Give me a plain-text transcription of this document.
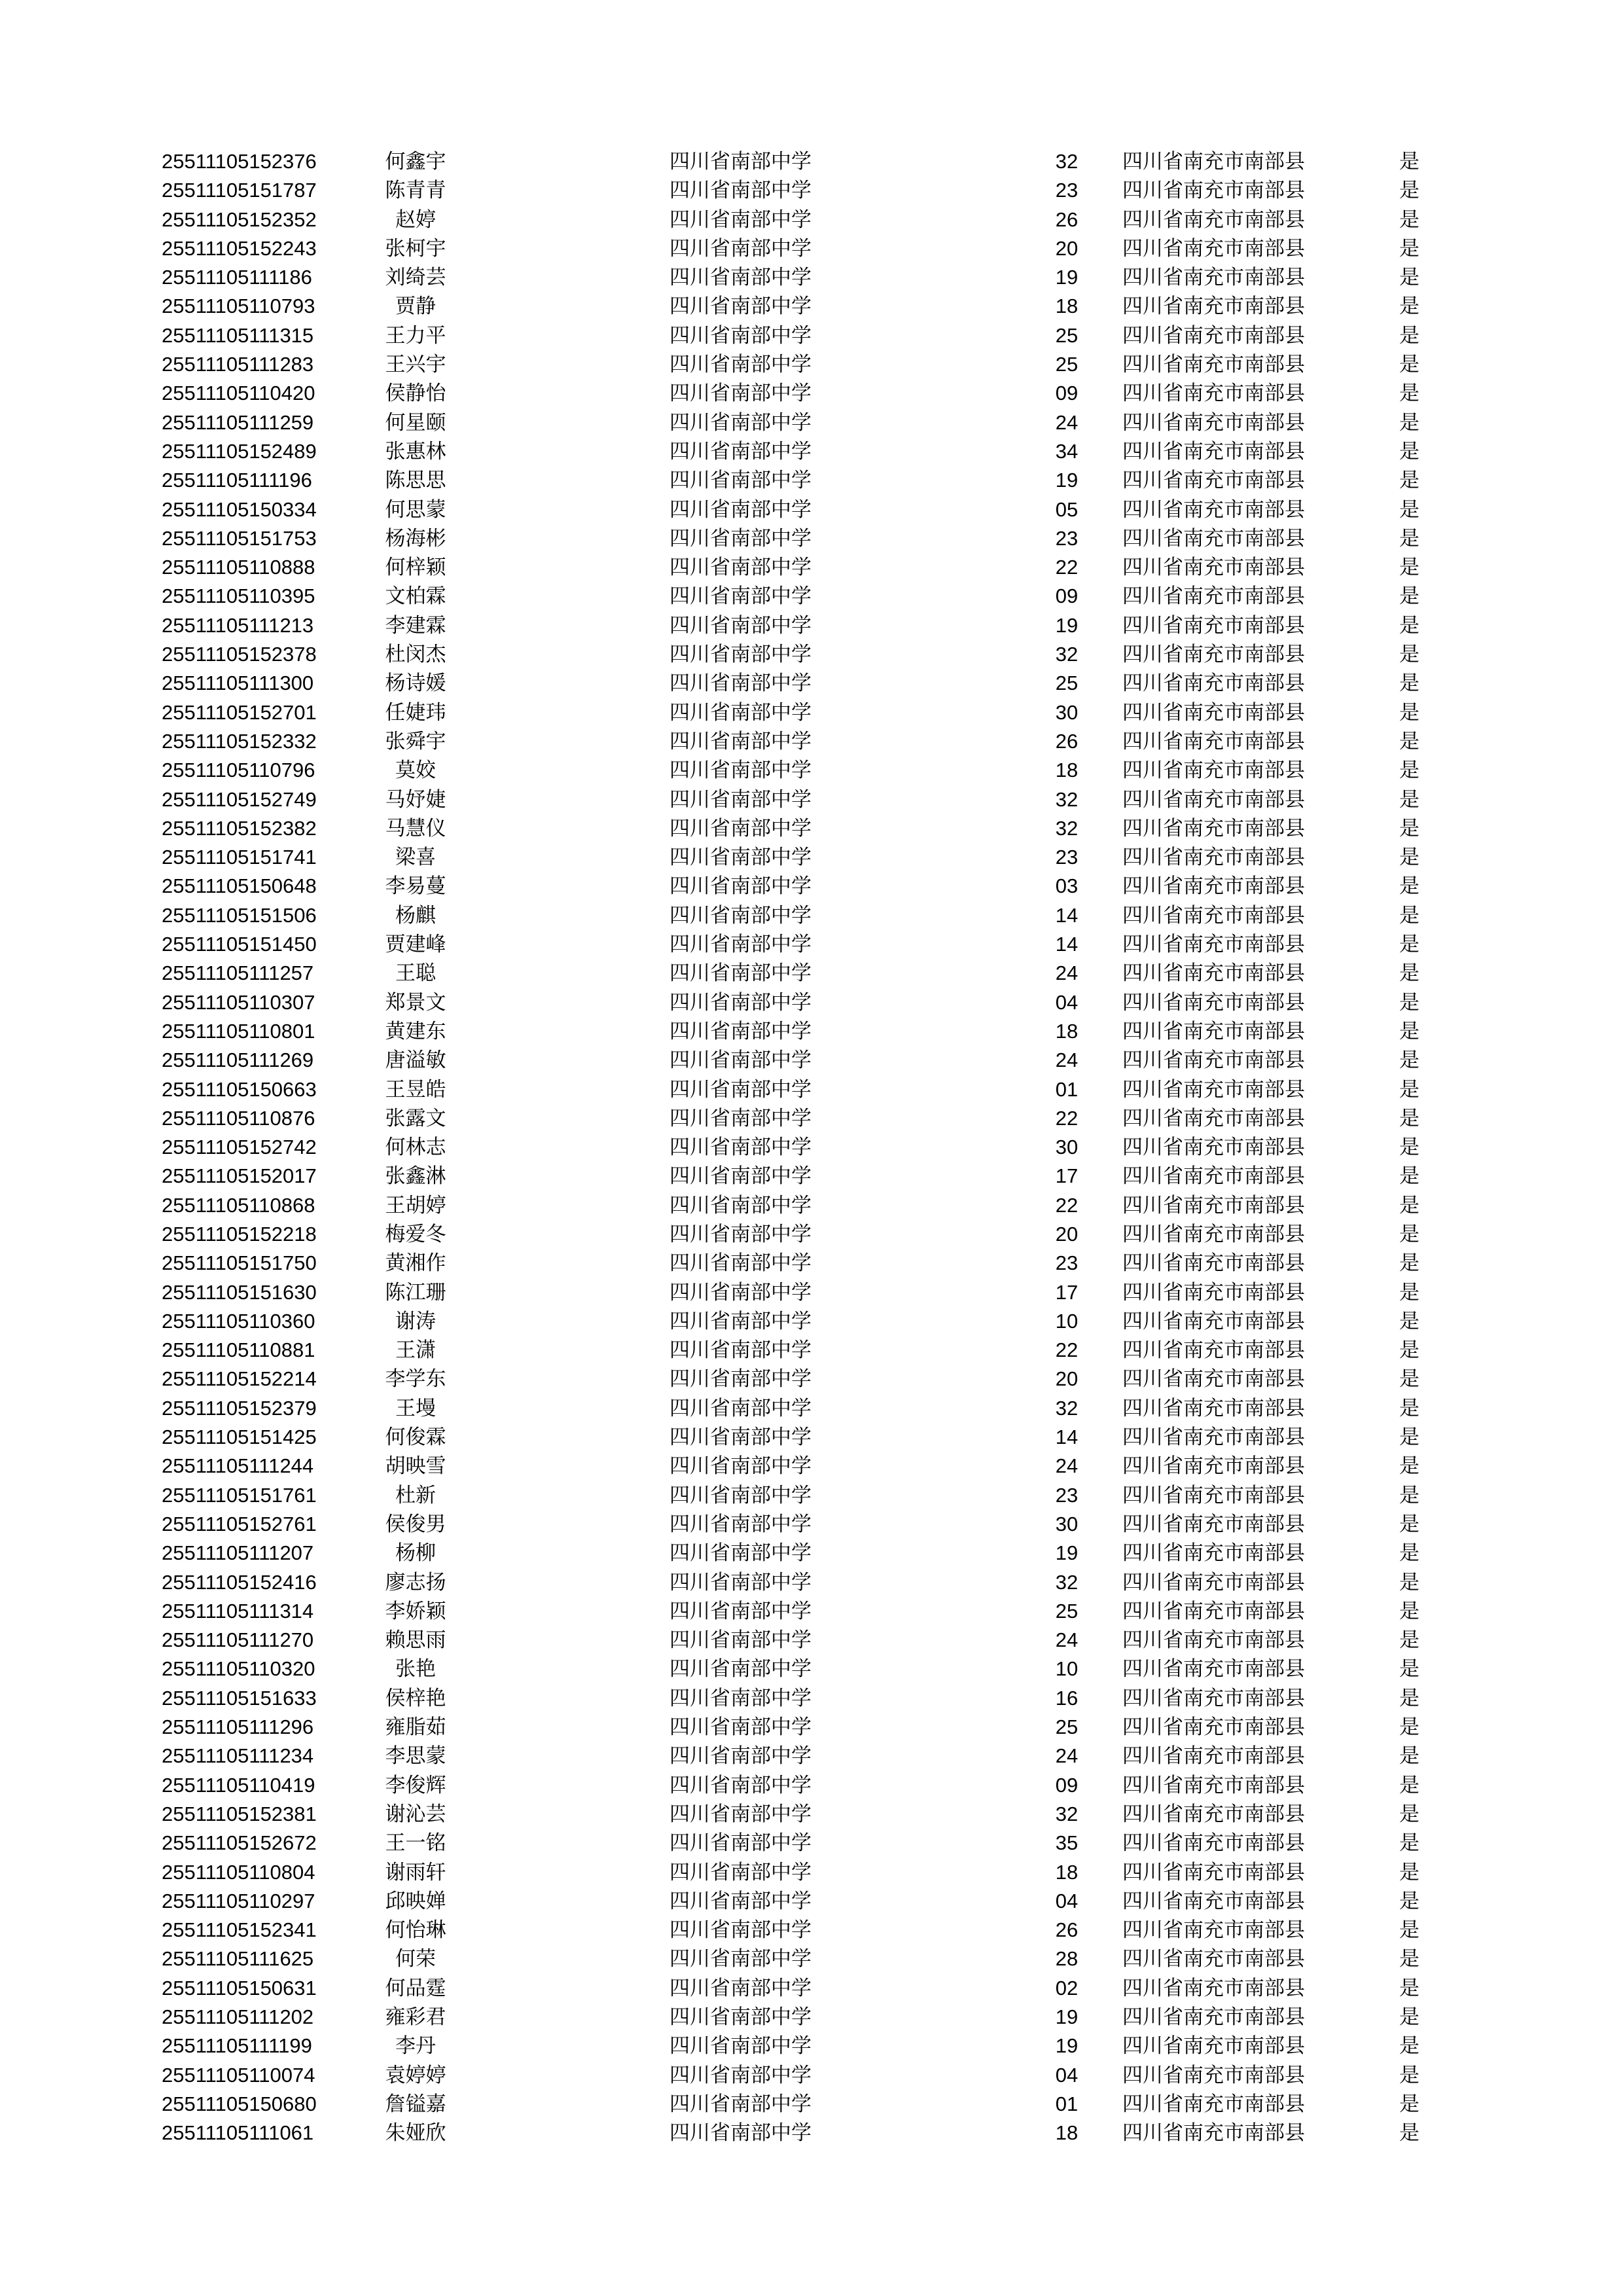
25511105152376	何鑫宇	四川省南部中学	32	四川省南充市南部县	是
25511105151787	陈青青	四川省南部中学	23	四川省南充市南部县	是
25511105152352	赵婷	四川省南部中学	26	四川省南充市南部县	是
25511105152243	张柯宇	四川省南部中学	20	四川省南充市南部县	是
25511105111186	刘绮芸	四川省南部中学	19	四川省南充市南部县	是
25511105110793	贾静	四川省南部中学	18	四川省南充市南部县	是
25511105111315	王力平	四川省南部中学	25	四川省南充市南部县	是
25511105111283	王兴宇	四川省南部中学	25	四川省南充市南部县	是
25511105110420	侯静怡	四川省南部中学	09	四川省南充市南部县	是
25511105111259	何星颐	四川省南部中学	24	四川省南充市南部县	是
25511105152489	张惠林	四川省南部中学	34	四川省南充市南部县	是
25511105111196	陈思思	四川省南部中学	19	四川省南充市南部县	是
25511105150334	何思蒙	四川省南部中学	05	四川省南充市南部县	是
25511105151753	杨海彬	四川省南部中学	23	四川省南充市南部县	是
25511105110888	何梓颖	四川省南部中学	22	四川省南充市南部县	是
25511105110395	文柏霖	四川省南部中学	09	四川省南充市南部县	是
25511105111213	李建霖	四川省南部中学	19	四川省南充市南部县	是
25511105152378	杜闵杰	四川省南部中学	32	四川省南充市南部县	是
25511105111300	杨诗媛	四川省南部中学	25	四川省南充市南部县	是
25511105152701	任婕玮	四川省南部中学	30	四川省南充市南部县	是
25511105152332	张舜宇	四川省南部中学	26	四川省南充市南部县	是
25511105110796	莫姣	四川省南部中学	18	四川省南充市南部县	是
25511105152749	马妤婕	四川省南部中学	32	四川省南充市南部县	是
25511105152382	马慧仪	四川省南部中学	32	四川省南充市南部县	是
25511105151741	梁喜	四川省南部中学	23	四川省南充市南部县	是
25511105150648	李易蔓	四川省南部中学	03	四川省南充市南部县	是
25511105151506	杨麒	四川省南部中学	14	四川省南充市南部县	是
25511105151450	贾建峰	四川省南部中学	14	四川省南充市南部县	是
25511105111257	王聪	四川省南部中学	24	四川省南充市南部县	是
25511105110307	郑景文	四川省南部中学	04	四川省南充市南部县	是
25511105110801	黄建东	四川省南部中学	18	四川省南充市南部县	是
25511105111269	唐溢敏	四川省南部中学	24	四川省南充市南部县	是
25511105150663	王昱皓	四川省南部中学	01	四川省南充市南部县	是
25511105110876	张露文	四川省南部中学	22	四川省南充市南部县	是
25511105152742	何林志	四川省南部中学	30	四川省南充市南部县	是
25511105152017	张鑫淋	四川省南部中学	17	四川省南充市南部县	是
25511105110868	王胡婷	四川省南部中学	22	四川省南充市南部县	是
25511105152218	梅爱冬	四川省南部中学	20	四川省南充市南部县	是
25511105151750	黄湘作	四川省南部中学	23	四川省南充市南部县	是
25511105151630	陈江珊	四川省南部中学	17	四川省南充市南部县	是
25511105110360	谢涛	四川省南部中学	10	四川省南充市南部县	是
25511105110881	王潇	四川省南部中学	22	四川省南充市南部县	是
25511105152214	李学东	四川省南部中学	20	四川省南充市南部县	是
25511105152379	王墁	四川省南部中学	32	四川省南充市南部县	是
25511105151425	何俊霖	四川省南部中学	14	四川省南充市南部县	是
25511105111244	胡映雪	四川省南部中学	24	四川省南充市南部县	是
25511105151761	杜新	四川省南部中学	23	四川省南充市南部县	是
25511105152761	侯俊男	四川省南部中学	30	四川省南充市南部县	是
25511105111207	杨柳	四川省南部中学	19	四川省南充市南部县	是
25511105152416	廖志扬	四川省南部中学	32	四川省南充市南部县	是
25511105111314	李娇颖	四川省南部中学	25	四川省南充市南部县	是
25511105111270	赖思雨	四川省南部中学	24	四川省南充市南部县	是
25511105110320	张艳	四川省南部中学	10	四川省南充市南部县	是
25511105151633	侯梓艳	四川省南部中学	16	四川省南充市南部县	是
25511105111296	雍脂茹	四川省南部中学	25	四川省南充市南部县	是
25511105111234	李思蒙	四川省南部中学	24	四川省南充市南部县	是
25511105110419	李俊辉	四川省南部中学	09	四川省南充市南部县	是
25511105152381	谢沁芸	四川省南部中学	32	四川省南充市南部县	是
25511105152672	王一铭	四川省南部中学	35	四川省南充市南部县	是
25511105110804	谢雨轩	四川省南部中学	18	四川省南充市南部县	是
25511105110297	邱映婵	四川省南部中学	04	四川省南充市南部县	是
25511105152341	何怡琳	四川省南部中学	26	四川省南充市南部县	是
25511105111625	何荣	四川省南部中学	28	四川省南充市南部县	是
25511105150631	何品霆	四川省南部中学	02	四川省南充市南部县	是
25511105111202	雍彩君	四川省南部中学	19	四川省南充市南部县	是
25511105111199	李丹	四川省南部中学	19	四川省南充市南部县	是
25511105110074	袁婷婷	四川省南部中学	04	四川省南充市南部县	是
25511105150680	詹镒嘉	四川省南部中学	01	四川省南充市南部县	是
25511105111061	朱娅欣	四川省南部中学	18	四川省南充市南部县	是
